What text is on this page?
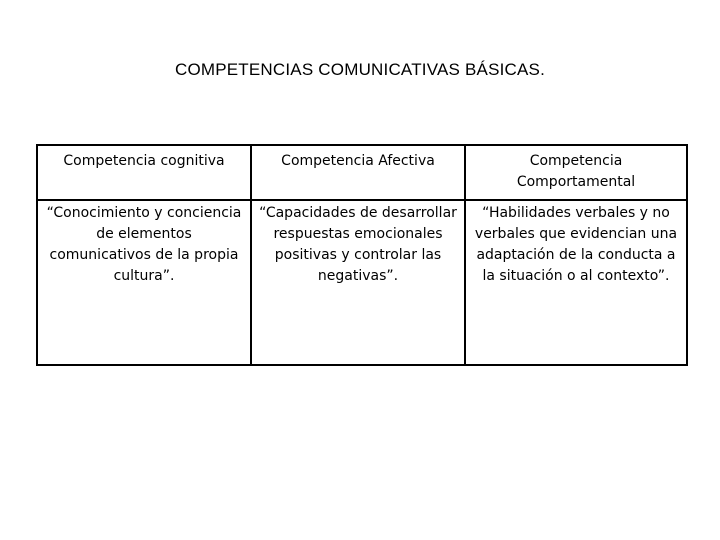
COMPETENCIAS COMUNICATIVAS BÁSICAS.
Competencia cognitiva	Competencia Afectiva	Competencia Comportamental
“Conocimiento y conciencia de elementos comunicativos de la propia cultura”.	“Capacidades de desarrollar respuestas emocionales positivas y controlar las negativas”.	“Habilidades verbales y no verbales que evidencian una adaptación de la conducta a la situación o al contexto”.
